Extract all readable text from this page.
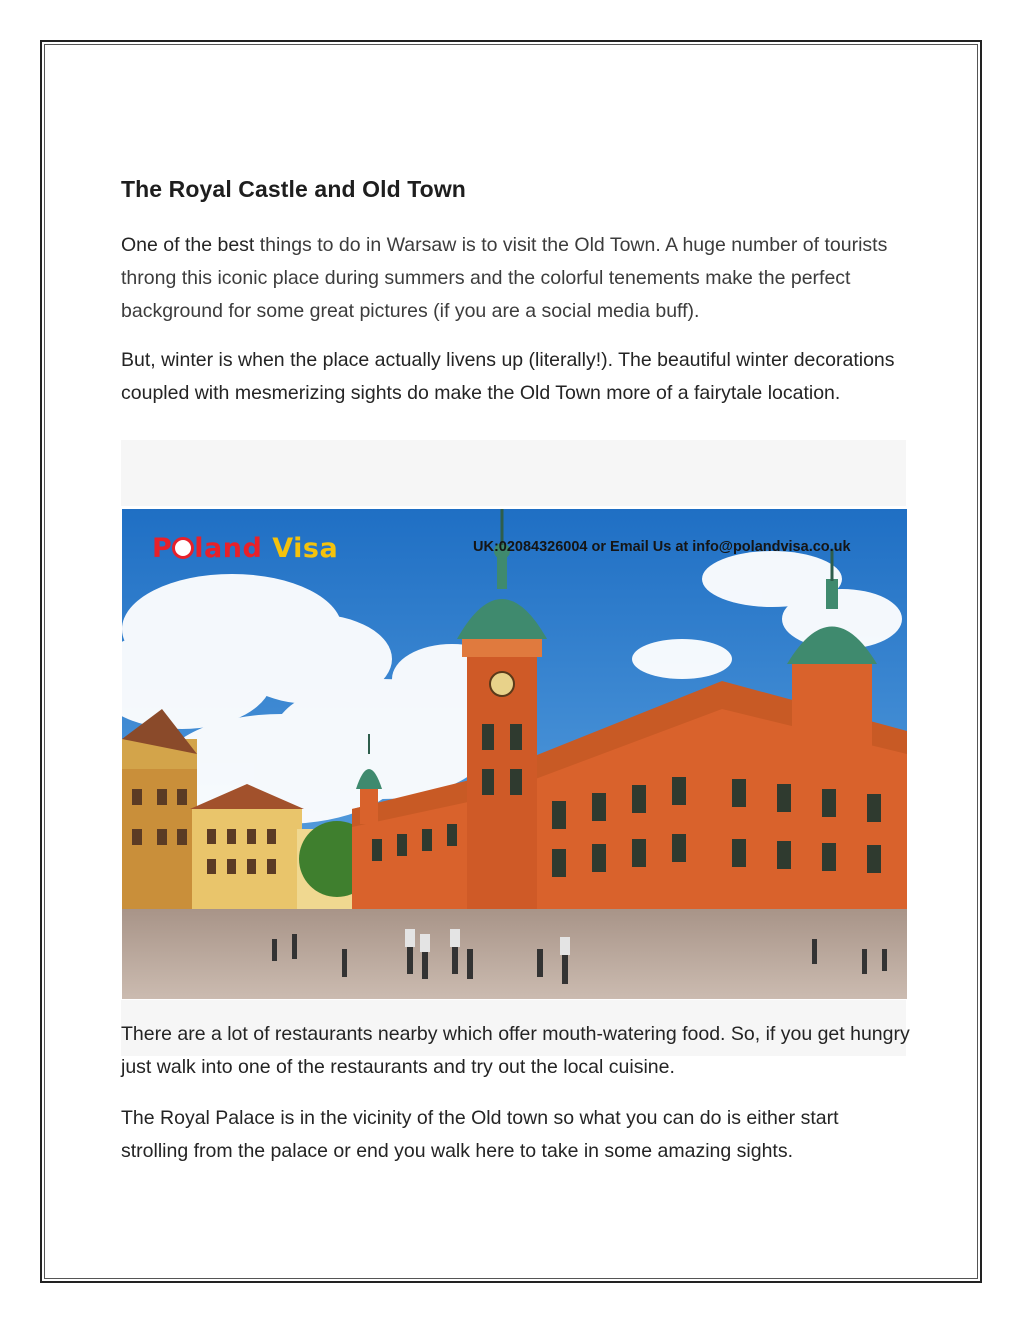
The Royal Castle and Old Town

One of the best things to do in Warsaw is to visit the Old Town. A huge number of tourists throng this iconic place during summers and the colorful tenements make the perfect background for some great pictures (if you are a social media buff).

But, winter is when the place actually livens up (literally!). The beautiful winter decorations coupled with mesmerizing sights do make the Old Town more of a fairytale location.

P land Visa	UK:02084326004 or Email Us at info@polandvisa.co.uk

There are a lot of restaurants nearby which offer mouth-watering food. So, if you get hungry just walk into one of the restaurants and try out the local cuisine.

The Royal Palace is in the vicinity of the Old town so what you can do is either start strolling from the palace or end you walk here to take in some amazing sights.
